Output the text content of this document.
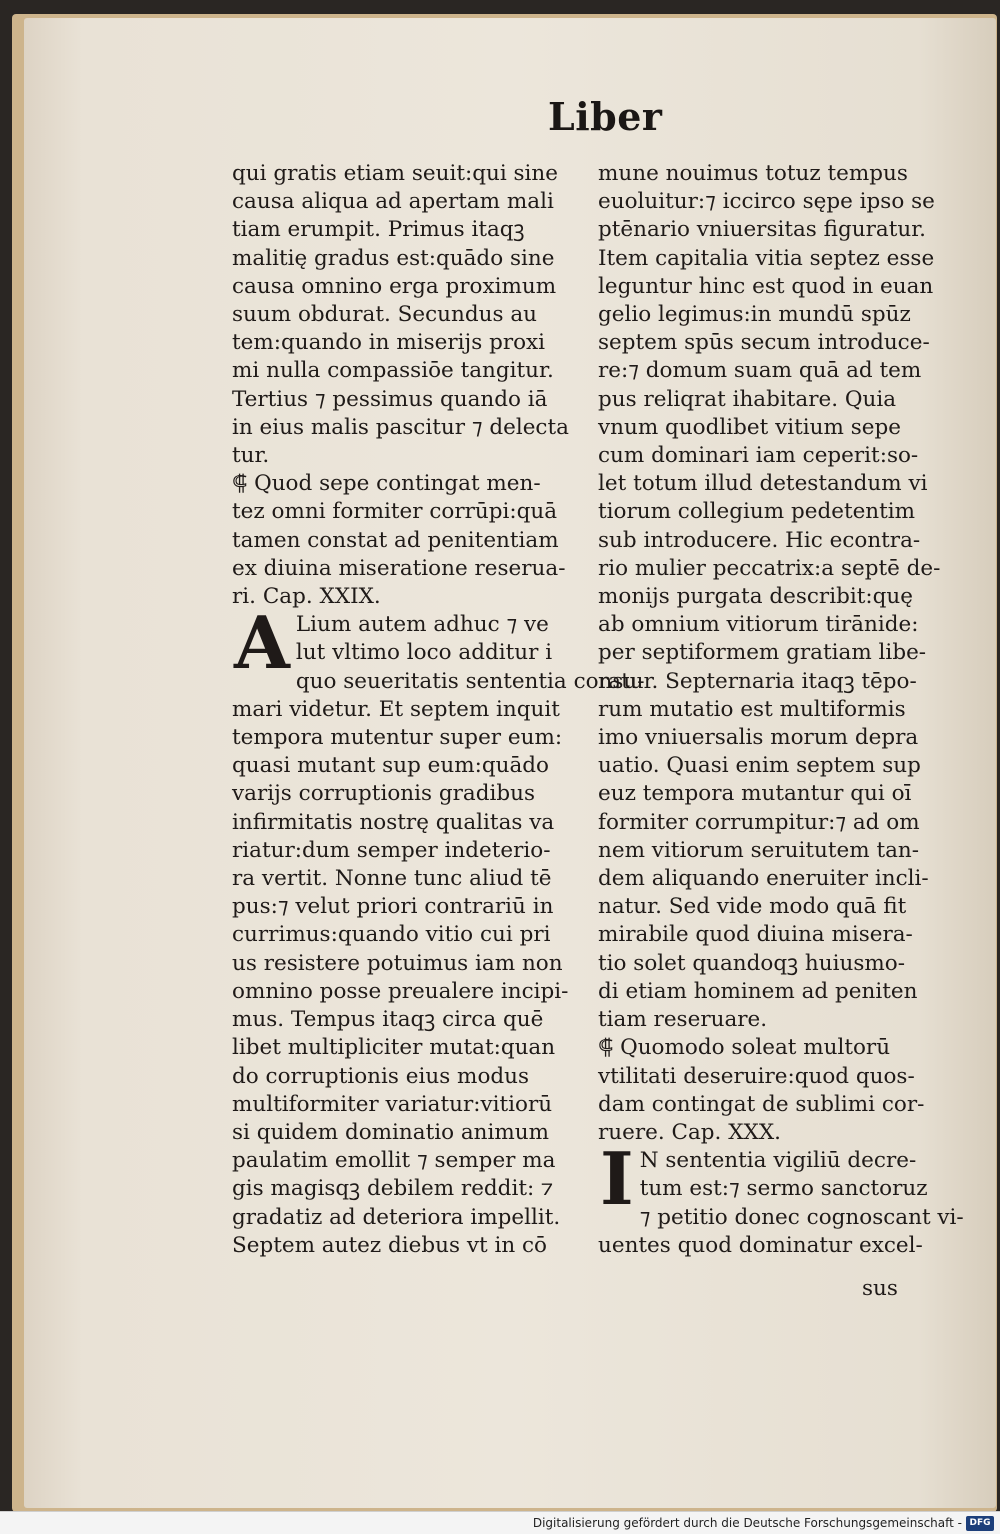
Liber
qui gratis etiam seuit:qui sine
causa aliqua ad apertam mali
tiam erumpit. Primus itaqꝫ
malitię gradus est:quādo sine
causa omnino erga proximum
suum obdurat. Secundus au
tem:quando in miserijs proxi
mi nulla compassiōe tangitur.
Tertius ⁊ pessimus quando iā
in eius malis pascitur ⁊ delecta
tur.
⸿ Quod sepe contingat men-
tez omni formiter corrūpi:quā
tamen constat ad penitentiam
ex diuina miseratione reserua-
ri. Cap. XXIX.
A Lium autem adhuc ⁊ ve
lut vltimo loco additur i
quo seueritatis sententia consu-
mari videtur. Et septem inquit
tempora mutentur super eum:
quasi mutant sup eum:quādo
varijs corruptionis gradibus
infirmitatis nostrę qualitas va
riatur:dum semper indeterio-
ra vertit. Nonne tunc aliud tē
pus:⁊ velut priori contrariū in
currimus:quando vitio cui pri
us resistere potuimus iam non
omnino posse preualere incipi-
mus. Tempus itaqꝫ circa quē
libet multipliciter mutat:quan
do corruptionis eius modus
multiformiter variatur:vitiorū
si quidem dominatio animum
paulatim emollit ⁊ semper ma
gis magisqꝫ debilem reddit: ⁊
gradatiz ad deteriora impellit.
Septem autez diebus vt in cō
mune nouimus totuz tempus
euoluitur:⁊ iccirco sępe ipso se
ptēnario vniuersitas figuratur.
Item capitalia vitia septez esse
leguntur hinc est quod in euan
gelio legimus:in mundū spūz
septem spūs secum introduce-
re:⁊ domum suam quā ad tem
pus reliqrat ihabitare. Quia
vnum quodlibet vitium sepe
cum dominari iam ceperit:so-
let totum illud detestandum vi
tiorum collegium pedetentim
sub introducere. Hic econtra-
rio mulier peccatrix:a septē de-
monijs purgata describit:quę
ab omnium vitiorum tirānide:
per septiformem gratiam libe-
ratur. Septernaria itaqꝫ tēpo-
rum mutatio est multiformis
imo vniuersalis morum depra
uatio. Quasi enim septem sup
euz tempora mutantur qui oī
formiter corrumpitur:⁊ ad om
nem vitiorum seruitutem tan-
dem aliquando eneruiter incli-
natur. Sed vide modo quā fit
mirabile quod diuina misera-
tio solet quandoqꝫ huiusmo-
di etiam hominem ad peniten
tiam reseruare.
⸿ Quomodo soleat multorū
vtilitati deseruire:quod quos-
dam contingat de sublimi cor-
ruere. Cap. XXX.
I N sententia vigiliū decre-
tum est:⁊ sermo sanctoruz
⁊ petitio donec cognoscant vi-
uentes quod dominatur excel-
sus
Digitalisierung gefördert durch die Deutsche Forschungsgemeinschaft - DFG
